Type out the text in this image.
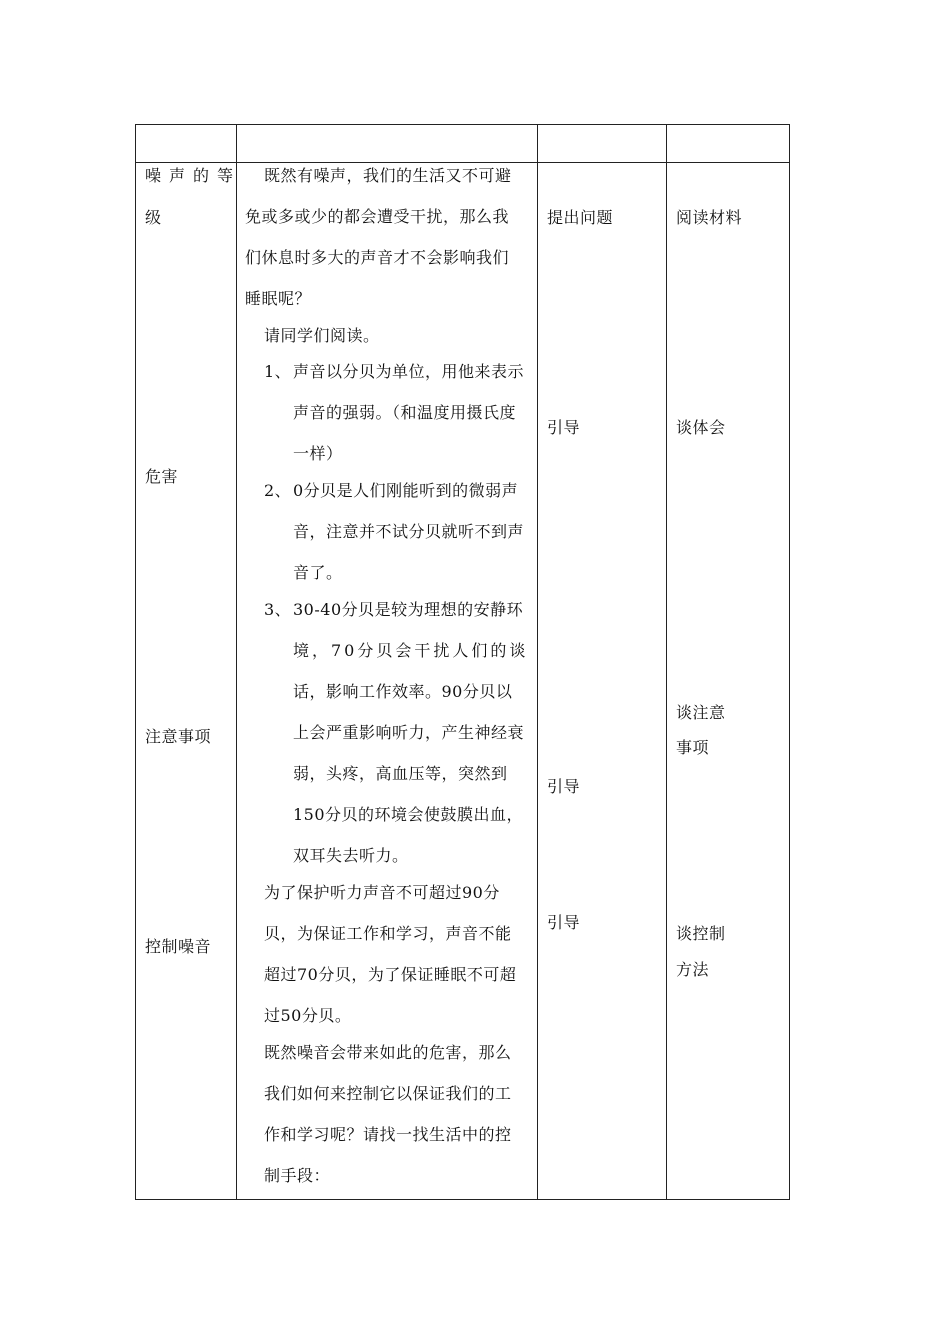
噪声的等
级
危害
注意事项
控制噪音
既然有噪声，我们的生活又不可避
免或多或少的都会遭受干扰，那么我
们休息时多大的声音才不会影响我们
睡眠呢？
请同学们阅读。
1、 声音以分贝为单位，用他来表示
声音的强弱。（和温度用摄氏度
一样）
2、 0分贝是人们刚能听到的微弱声
音，注意并不试分贝就听不到声
音了。
3、 30-40分贝是较为理想的安静环
境，70分贝会干扰人们的谈
话，影响工作效率。90分贝以
上会严重影响听力，产生神经衰
弱，头疼，高血压等，突然到
150分贝的环境会使鼓膜出血，
双耳失去听力。
为了保护听力声音不可超过90分
贝，为保证工作和学习，声音不能
超过70分贝，为了保证睡眠不可超
过50分贝。
既然噪音会带来如此的危害，那么
我们如何来控制它以保证我们的工
作和学习呢？请找一找生活中的控
制手段：
提出问题
引导
引导
引导
阅读材料
谈体会
谈注意
事项
谈控制
方法
